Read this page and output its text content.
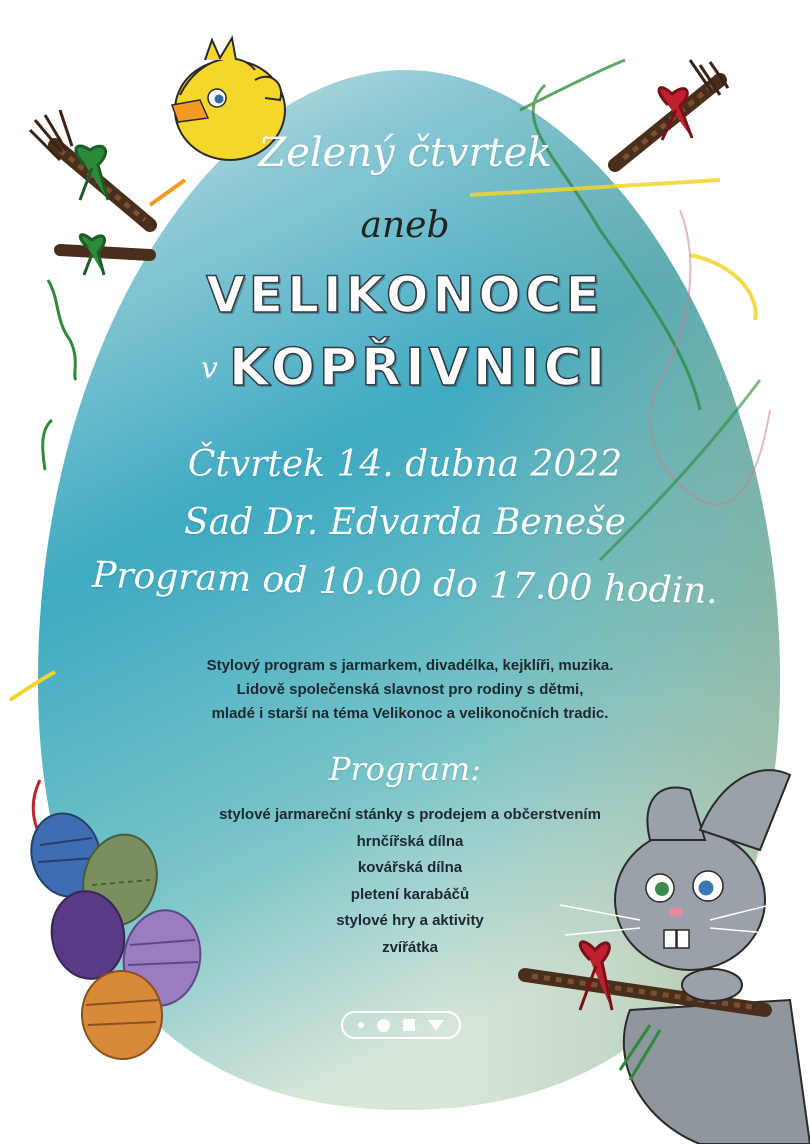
Zelený čtvrtek
aneb
VELIKONOCE
v KOPŘIVNICI
Čtvrtek 14. dubna 2022
Sad Dr. Edvarda Beneše
Program od 10.00 do 17.00 hodin.
Stylový program s jarmarkem, divadélka, kejklíři, muzika.
Lidově společenská slavnost pro rodiny s dětmi,
mladé i starší na téma Velikonoc a velikonočních tradic.
Program:
stylové jarmareční stánky s prodejem a občerstvením
hrnčířská dílna
kovářská dílna
pletení karabáčů
stylové hry a aktivity
zvířátka
